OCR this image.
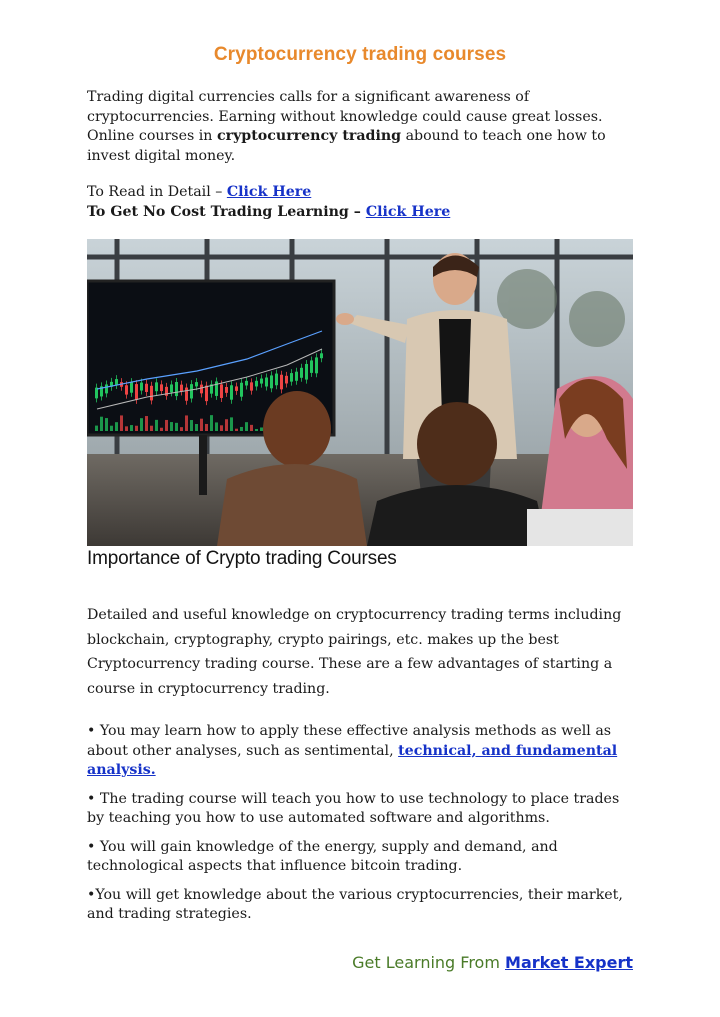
Cryptocurrency trading courses
Trading digital currencies calls for a significant awareness of cryptocurrencies. Earning without knowledge could cause great losses. Online courses in cryptocurrency trading abound to teach one how to invest digital money.
To Read in Detail – Click Here
To Get No Cost Trading Learning – Click Here
Importance of Crypto trading Courses
Detailed and useful knowledge on cryptocurrency trading terms including blockchain, cryptography, crypto pairings, etc. makes up the best Cryptocurrency trading course. These are a few advantages of starting a course in cryptocurrency trading.
• You may learn how to apply these effective analysis methods as well as about other analyses, such as sentimental, technical, and fundamental analysis.
• The trading course will teach you how to use technology to place trades by teaching you how to use automated software and algorithms.
• You will gain knowledge of the energy, supply and demand, and technological aspects that influence bitcoin trading.
•You will get knowledge about the various cryptocurrencies, their market, and trading strategies.
Get Learning From Market Expert
